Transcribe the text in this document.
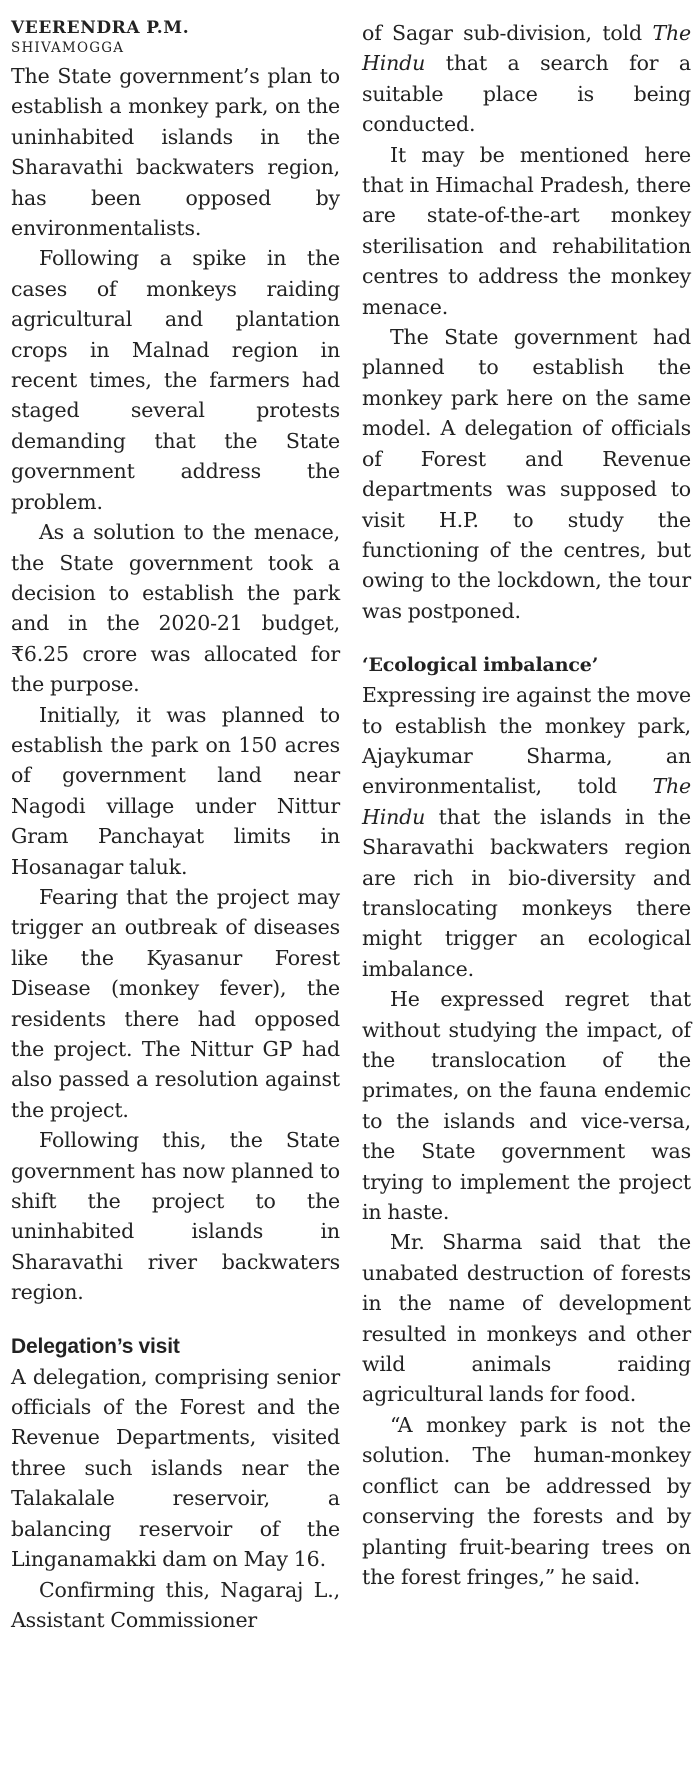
VEERENDRA P.M.
SHIVAMOGGA

The State government’s plan to establish a monkey park, on the uninhabited islands in the Sharavathi backwaters region, has been opposed by environmentalists.

Following a spike in the cases of monkeys raiding agricultural and plantation crops in Malnad region in recent times, the farmers had staged several protests demanding that the State government address the problem.

As a solution to the menace, the State government took a decision to establish the park and in the 2020-21 budget, ₹6.25 crore was allocated for the purpose.

Initially, it was planned to establish the park on 150 acres of government land near Nagodi village under Nittur Gram Panchayat limits in Hosanagar taluk.

Fearing that the project may trigger an outbreak of diseases like the Kyasanur Forest Disease (monkey fever), the residents there had opposed the project. The Nittur GP had also passed a resolution against the project.

Following this, the State government has now planned to shift the project to the uninhabited islands in Sharavathi river backwaters region.

Delegation’s visit

A delegation, comprising senior officials of the Forest and the Revenue Departments, visited three such islands near the Talakalale reservoir, a balancing reservoir of the Linganamakki dam on May 16.

Confirming this, Nagaraj L., Assistant Commissioner

of Sagar sub-division, told The Hindu that a search for a suitable place is being conducted.

It may be mentioned here that in Himachal Pradesh, there are state-of-the-art monkey sterilisation and rehabilitation centres to address the monkey menace.

The State government had planned to establish the monkey park here on the same model. A delegation of officials of Forest and Revenue departments was supposed to visit H.P. to study the functioning of the centres, but owing to the lockdown, the tour was postponed.

‘Ecological imbalance’

Expressing ire against the move to establish the monkey park, Ajaykumar Sharma, an environmentalist, told The Hindu that the islands in the Sharavathi backwaters region are rich in bio-diversity and translocating monkeys there might trigger an ecological imbalance.

He expressed regret that without studying the impact, of the translocation of the primates, on the fauna endemic to the islands and vice-versa, the State government was trying to implement the project in haste.

Mr. Sharma said that the unabated destruction of forests in the name of development resulted in monkeys and other wild animals raiding agricultural lands for food.

“A monkey park is not the solution. The human-monkey conflict can be addressed by conserving the forests and by planting fruit-bearing trees on the forest fringes,” he said.
